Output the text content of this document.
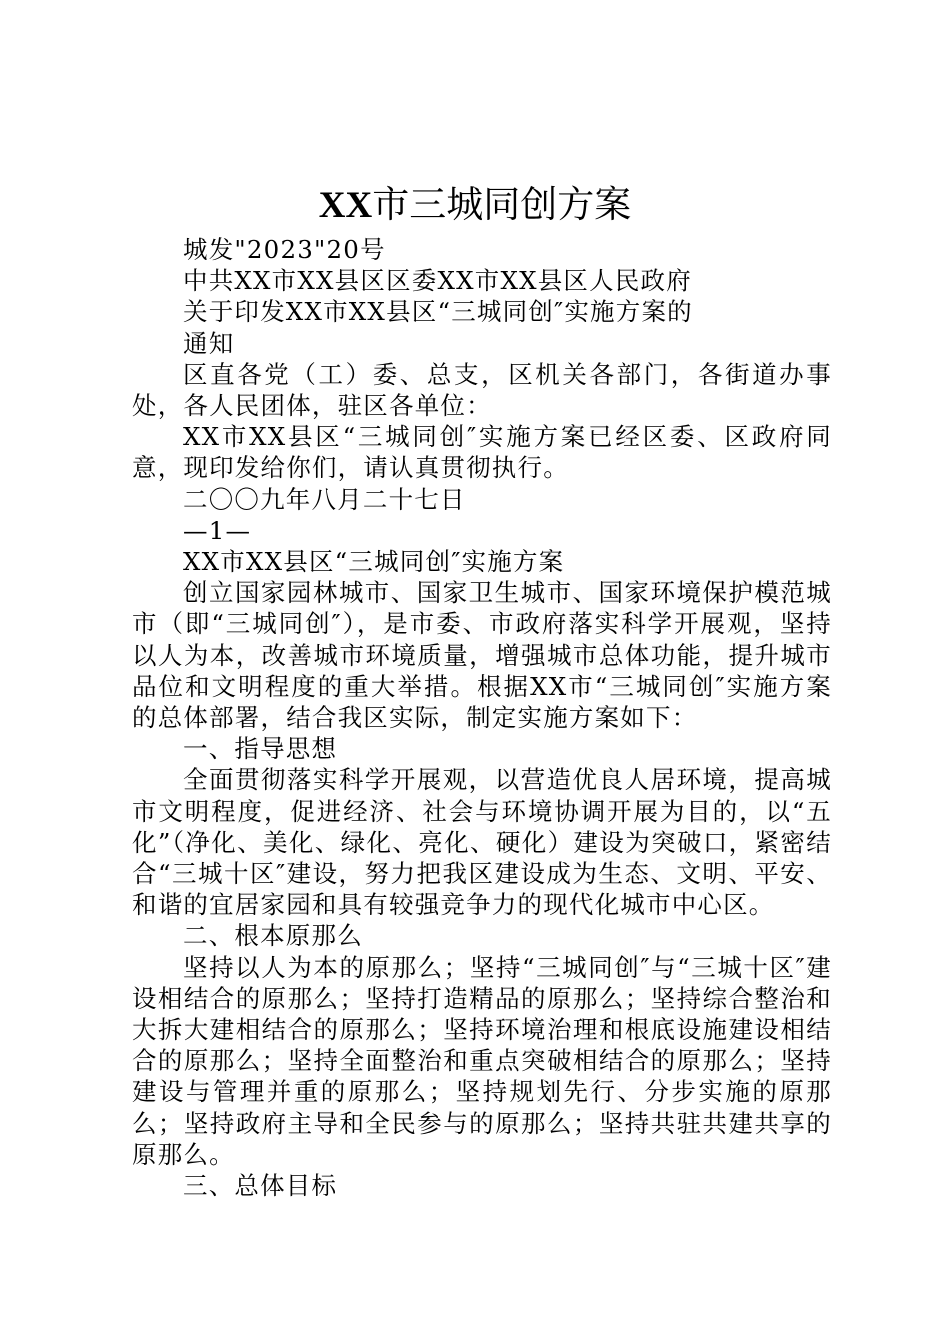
XX市三城同创方案

城发"2023"20号

中共XX市XX县区区委XX市XX县区人民政府

关于印发XX市XX县区“三城同创″实施方案的

通知

区直各党（工）委、总支，区机关各部门，各街道办事处，各人民团体，驻区各单位：

XX市XX县区“三城同创″实施方案已经区委、区政府同意，现印发给你们，请认真贯彻执行。

二〇〇九年八月二十七日

—1—

XX市XX县区“三城同创″实施方案

创立国家园林城市、国家卫生城市、国家环境保护模范城市（即“三城同创″），是市委、市政府落实科学开展观，坚持以人为本，改善城市环境质量，增强城市总体功能，提升城市品位和文明程度的重大举措。根据XX市“三城同创″实施方案的总体部署，结合我区实际，制定实施方案如下：

一、指导思想

全面贯彻落实科学开展观，以营造优良人居环境，提高城市文明程度，促进经济、社会与环境协调开展为目的，以“五化”（净化、美化、绿化、亮化、硬化）建设为突破口，紧密结合“三城十区″建设，努力把我区建设成为生态、文明、平安、和谐的宜居家园和具有较强竞争力的现代化城市中心区。

二、根本原那么

坚持以人为本的原那么；坚持“三城同创″与“三城十区″建设相结合的原那么；坚持打造精品的原那么；坚持综合整治和大拆大建相结合的原那么；坚持环境治理和根底设施建设相结合的原那么；坚持全面整治和重点突破相结合的原那么；坚持建设与管理并重的原那么；坚持规划先行、分步实施的原那么；坚持政府主导和全民参与的原那么；坚持共驻共建共享的原那么。

三、总体目标
